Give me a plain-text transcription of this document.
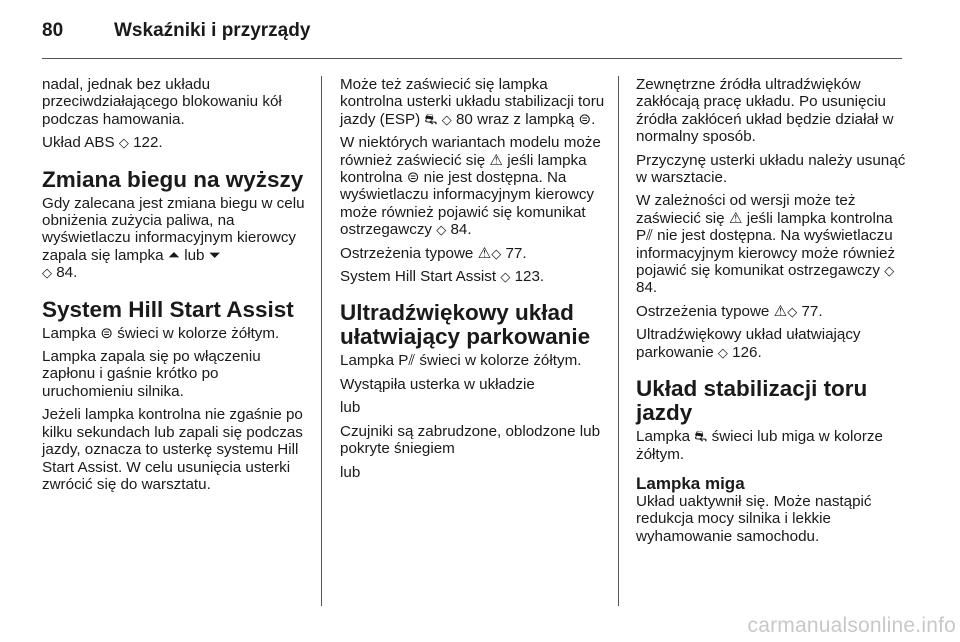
80	Wskaźniki i przyrządy

nadal, jednak bez układu przeciwdziałającego blokowaniu kół podczas hamowania.

Układ ABS ◇ 122.

Zmiana biegu na wyższy

Gdy zalecana jest zmiana biegu w celu obniżenia zużycia paliwa, na wyświetlaczu informacyjnym kierowcy zapala się lampka ⏶ lub ⏷
◇ 84.

System Hill Start Assist

Lampka ⊜ świeci w kolorze żółtym.

Lampka zapala się po włączeniu zapłonu i gaśnie krótko po uruchomieniu silnika.

Jeżeli lampka kontrolna nie zgaśnie po kilku sekundach lub zapali się podczas jazdy, oznacza to usterkę systemu Hill Start Assist. W celu usunięcia usterki zwrócić się do warsztatu.

Może też zaświecić się lampka kontrolna usterki układu stabilizacji toru jazdy (ESP) ⛐ ◇ 80 wraz z lampką ⊜.

W niektórych wariantach modelu może również zaświecić się ⚠ jeśli lampka kontrolna ⊜ nie jest dostępna. Na wyświetlaczu informacyjnym kierowcy może również pojawić się komunikat ostrzegawczy ◇ 84.

Ostrzeżenia typowe ⚠◇ 77.

System Hill Start Assist ◇ 123.

Ultradźwiękowy układ ułatwiający parkowanie

Lampka P⫽ świeci w kolorze żółtym.

Wystąpiła usterka w układzie

lub

Czujniki są zabrudzone, oblodzone lub pokryte śniegiem

lub

Zewnętrzne źródła ultradźwięków zakłócają pracę układu. Po usunięciu źródła zakłóceń układ będzie działał w normalny sposób.

Przyczynę usterki układu należy usunąć w warsztacie.

W zależności od wersji może też zaświecić się ⚠ jeśli lampka kontrolna P⫽ nie jest dostępna. Na wyświetlaczu informacyjnym kierowcy może również pojawić się komunikat ostrzegawczy ◇ 84.

Ostrzeżenia typowe ⚠◇ 77.

Ultradźwiękowy układ ułatwiający parkowanie ◇ 126.

Układ stabilizacji toru jazdy

Lampka ⛐ świeci lub miga w kolorze żółtym.

Lampka miga

Układ uaktywnił się. Może nastąpić redukcja mocy silnika i lekkie wyhamowanie samochodu.

carmanualsonline.info
